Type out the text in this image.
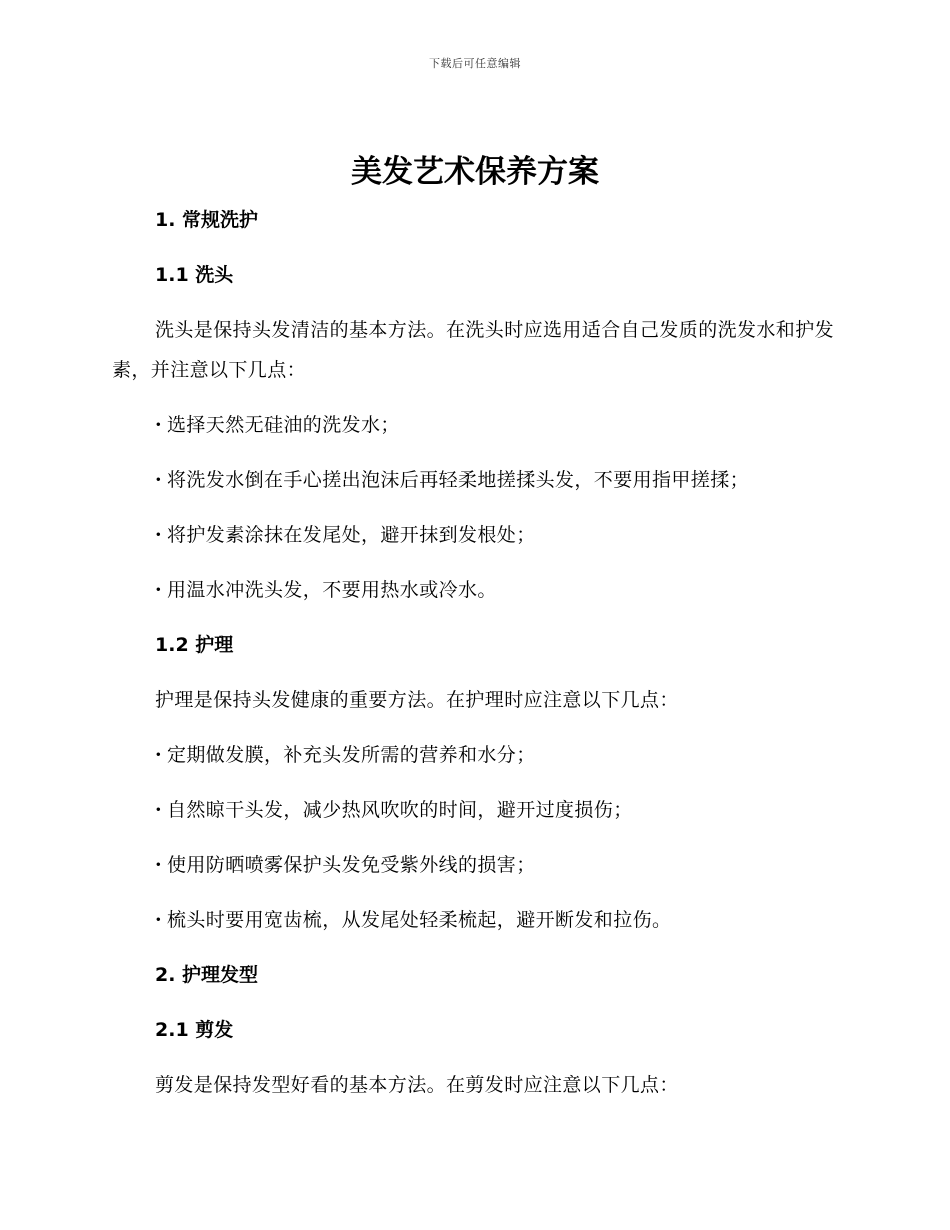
下载后可任意编辑
美发艺术保养方案
1. 常规洗护
1.1 洗头

洗头是保持头发清洁的基本方法。在洗头时应选用适合自己发质的洗发水和护发素，并注意以下几点：

· 选择天然无硅油的洗发水；
· 将洗发水倒在手心搓出泡沫后再轻柔地搓揉头发，不要用指甲搓揉；
· 将护发素涂抹在发尾处，避开抹到发根处；
· 用温水冲洗头发，不要用热水或冷水。
1.2 护理

护理是保持头发健康的重要方法。在护理时应注意以下几点：

· 定期做发膜，补充头发所需的营养和水分；
· 自然晾干头发，减少热风吹吹的时间，避开过度损伤；
· 使用防晒喷雾保护头发免受紫外线的损害；
· 梳头时要用宽齿梳，从发尾处轻柔梳起，避开断发和拉伤。
2. 护理发型
2.1 剪发

剪发是保持发型好看的基本方法。在剪发时应注意以下几点：
